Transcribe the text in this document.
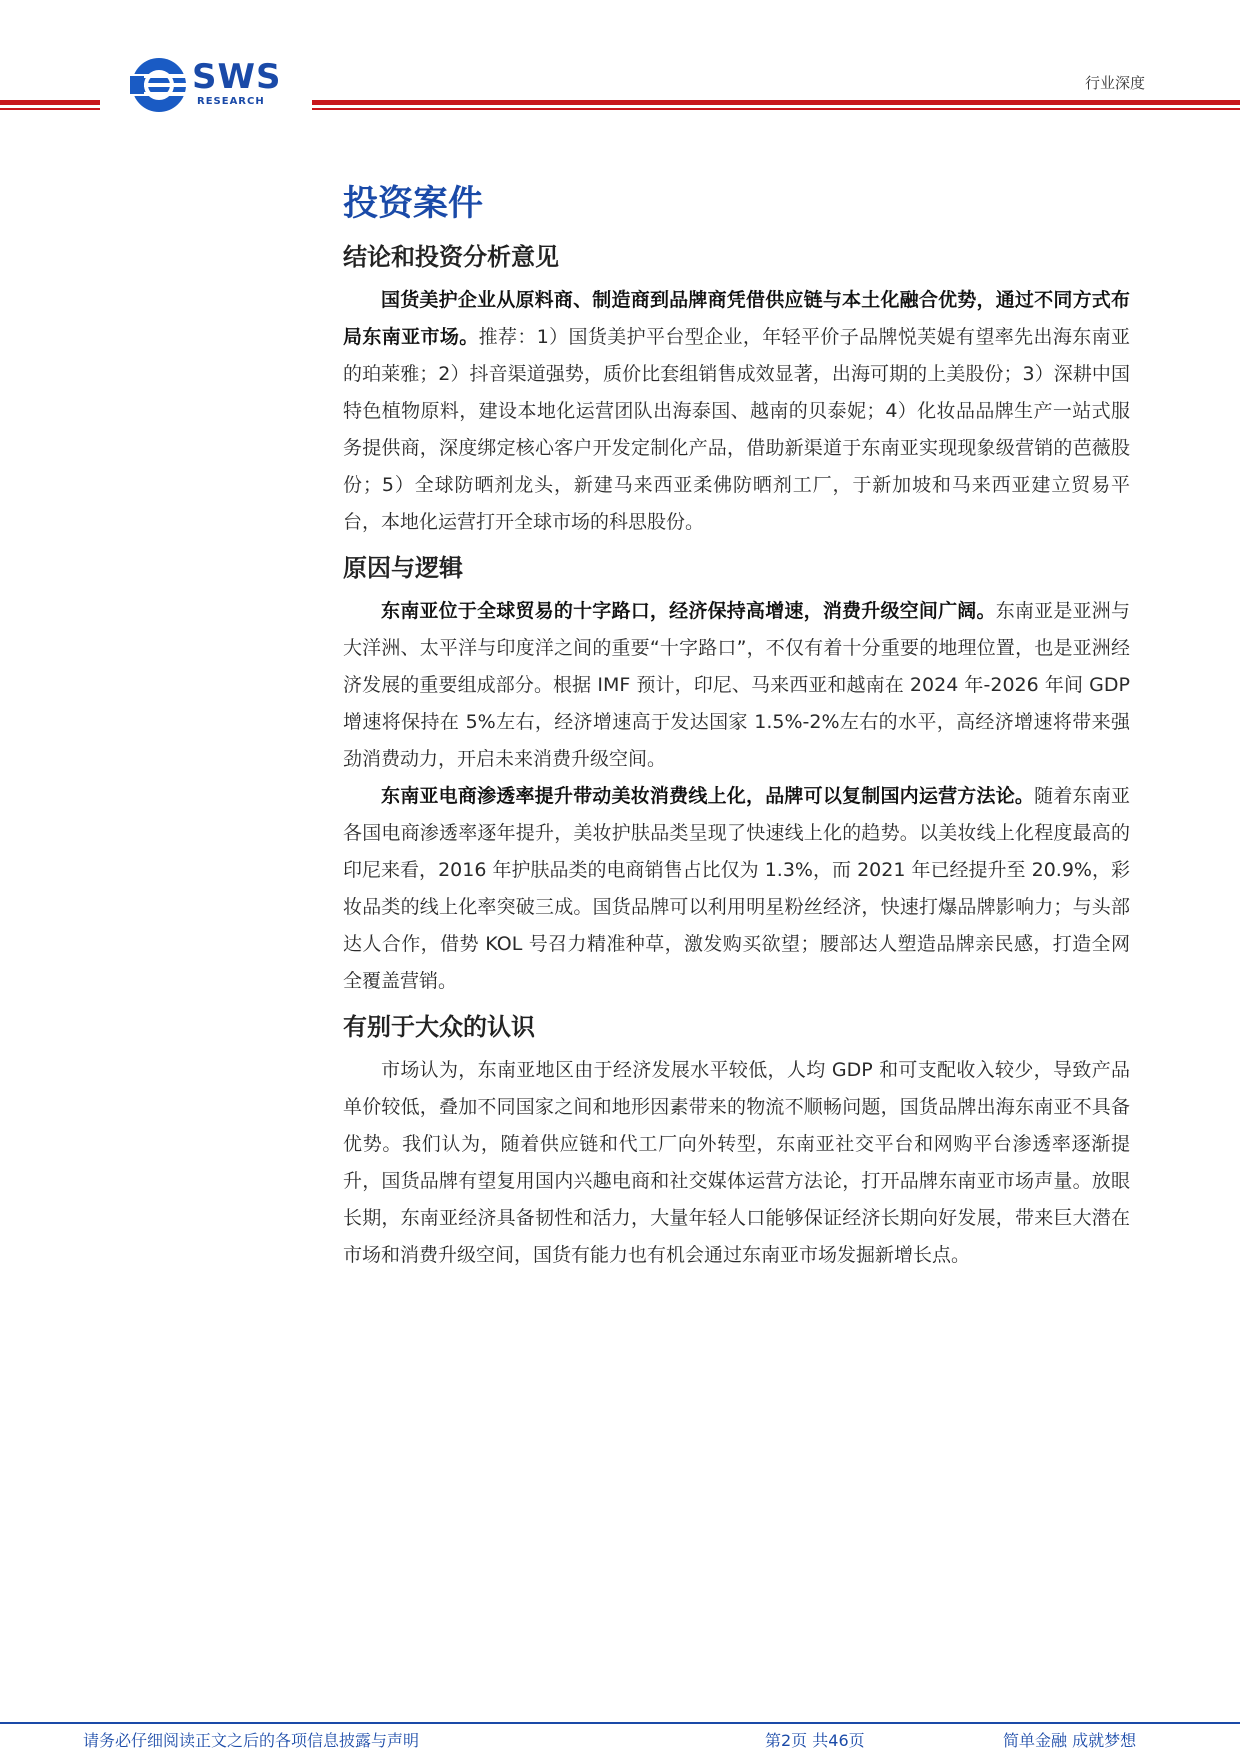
SWS
RESEARCH
行业深度
投资案件
结论和投资分析意见

国货美护企业从原料商、制造商到品牌商凭借供应链与本土化融合优势，通过不同方式布局东南亚市场。推荐：1）国货美护平台型企业，年轻平价子品牌悦芙媞有望率先出海东南亚的珀莱雅；2）抖音渠道强势，质价比套组销售成效显著，出海可期的上美股份；3）深耕中国特色植物原料，建设本地化运营团队出海泰国、越南的贝泰妮；4）化妆品品牌生产一站式服务提供商，深度绑定核心客户开发定制化产品，借助新渠道于东南亚实现现象级营销的芭薇股份；5）全球防晒剂龙头，新建马来西亚柔佛防晒剂工厂，于新加坡和马来西亚建立贸易平台，本地化运营打开全球市场的科思股份。

原因与逻辑

东南亚位于全球贸易的十字路口，经济保持高增速，消费升级空间广阔。东南亚是亚洲与大洋洲、太平洋与印度洋之间的重要“十字路口”，不仅有着十分重要的地理位置，也是亚洲经济发展的重要组成部分。根据 IMF 预计，印尼、马来西亚和越南在 2024 年-2026 年间 GDP 增速将保持在 5%左右，经济增速高于发达国家 1.5%-2%左右的水平，高经济增速将带来强劲消费动力，开启未来消费升级空间。

东南亚电商渗透率提升带动美妆消费线上化，品牌可以复制国内运营方法论。随着东南亚各国电商渗透率逐年提升，美妆护肤品类呈现了快速线上化的趋势。以美妆线上化程度最高的印尼来看，2016 年护肤品类的电商销售占比仅为 1.3%，而 2021 年已经提升至 20.9%，彩妆品类的线上化率突破三成。国货品牌可以利用明星粉丝经济，快速打爆品牌影响力；与头部达人合作，借势 KOL 号召力精准种草，激发购买欲望；腰部达人塑造品牌亲民感，打造全网全覆盖营销。

有别于大众的认识

市场认为，东南亚地区由于经济发展水平较低，人均 GDP 和可支配收入较少，导致产品单价较低，叠加不同国家之间和地形因素带来的物流不顺畅问题，国货品牌出海东南亚不具备优势。我们认为，随着供应链和代工厂向外转型，东南亚社交平台和网购平台渗透率逐渐提升，国货品牌有望复用国内兴趣电商和社交媒体运营方法论，打开品牌东南亚市场声量。放眼长期，东南亚经济具备韧性和活力，大量年轻人口能够保证经济长期向好发展，带来巨大潜在市场和消费升级空间，国货有能力也有机会通过东南亚市场发掘新增长点。

请务必仔细阅读正文之后的各项信息披露与声明	第2页 共46页	简单金融 成就梦想
